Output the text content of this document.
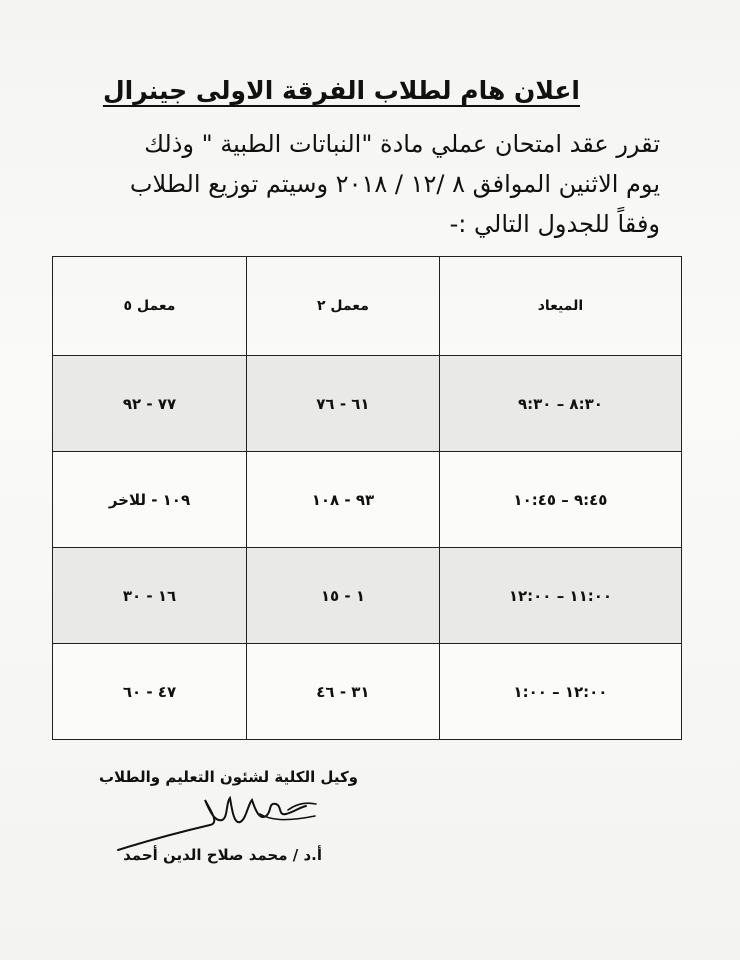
اعلان هام لطلاب الفرقة الاولى جينرال
تقرر عقد امتحان عملي مادة "النباتات الطبية " وذلك
يوم الاثنين الموافق ٨ /١٢ / ٢٠١٨ وسيتم توزيع الطلاب
وفقاً للجدول التالي :-
الميعاد	معمل ٢	معمل ٥
٨:٣٠ – ٩:٣٠	٦١ - ٧٦	٧٧ - ٩٢
٩:٤٥ – ١٠:٤٥	٩٣ - ١٠٨	١٠٩ - للاخر
١١:٠٠ – ١٢:٠٠	١ - ١٥	١٦ - ٣٠
١٢:٠٠ – ١:٠٠	٣١ - ٤٦	٤٧ - ٦٠
وكيل الكلية لشئون التعليم والطلاب
أ.د / محمد صلاح الدين أحمد
